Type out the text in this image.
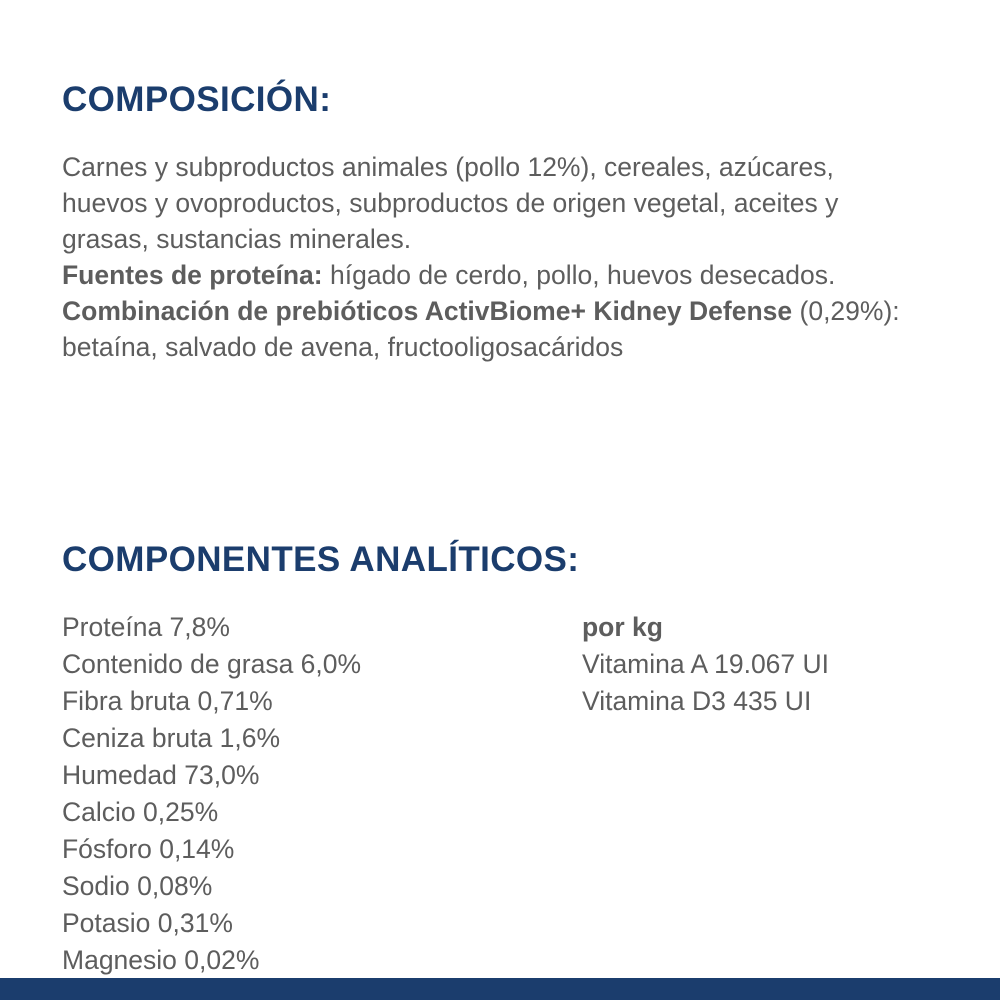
COMPOSICIÓN:

Carnes y subproductos animales (pollo 12%), cereales, azúcares, huevos y ovoproductos, subproductos de origen vegetal, aceites y grasas, sustancias minerales.

Fuentes de proteína: hígado de cerdo, pollo, huevos desecados.

Combinación de prebióticos ActivBiome+ Kidney Defense (0,29%): betaína, salvado de avena, fructooligosacáridos

COMPONENTES ANALÍTICOS:
Proteína 7,8%
Contenido de grasa 6,0%
Fibra bruta 0,71%
Ceniza bruta 1,6%
Humedad 73,0%
Calcio 0,25%
Fósforo 0,14%
Sodio 0,08%
Potasio 0,31%
Magnesio 0,02%
por kg
Vitamina A 19.067 UI
Vitamina D3 435 UI
